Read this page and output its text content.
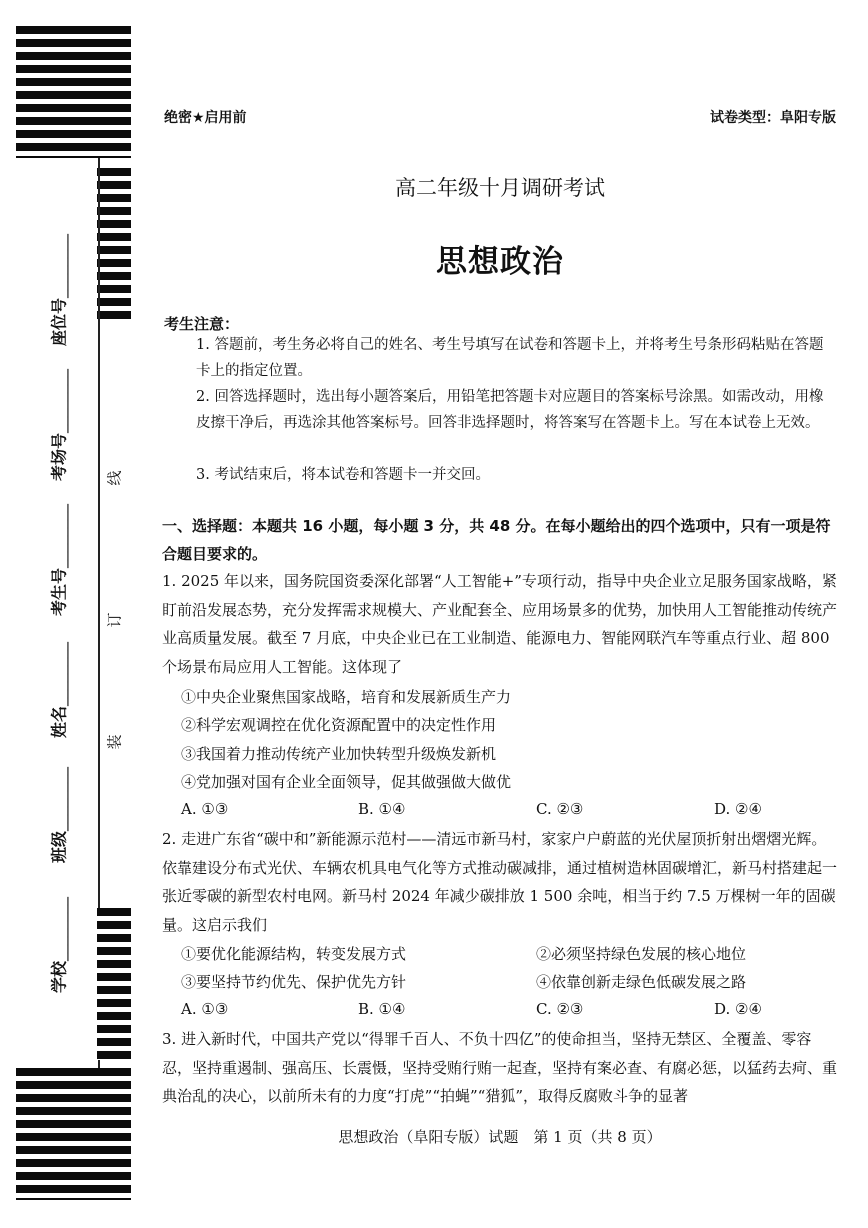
座位号________
考场号________
考生号________
姓名________
班级________
学校________
线
订
装
绝密★启用前	试卷类型：阜阳专版
高二年级十月调研考试
思想政治
考生注意：
1. 答题前，考生务必将自己的姓名、考生号填写在试卷和答题卡上，并将考生号条形码粘贴在答题卡上的指定位置。
2. 回答选择题时，选出每小题答案后，用铅笔把答题卡对应题目的答案标号涂黑。如需改动，用橡皮擦干净后，再选涂其他答案标号。回答非选择题时，将答案写在答题卡上。写在本试卷上无效。
3. 考试结束后，将本试卷和答题卡一并交回。
一、选择题：本题共 16 小题，每小题 3 分，共 48 分。在每小题给出的四个选项中，只有一项是符合题目要求的。
1. 2025 年以来，国务院国资委深化部署“人工智能+”专项行动，指导中央企业立足服务国家战略，紧盯前沿发展态势，充分发挥需求规模大、产业配套全、应用场景多的优势，加快用人工智能推动传统产业高质量发展。截至 7 月底，中央企业已在工业制造、能源电力、智能网联汽车等重点行业、超 800 个场景布局应用人工智能。这体现了
①中央企业聚焦国家战略，培育和发展新质生产力
②科学宏观调控在优化资源配置中的决定性作用
③我国着力推动传统产业加快转型升级焕发新机
④党加强对国有企业全面领导，促其做强做大做优
A. ①③	B. ①④	C. ②③	D. ②④
2. 走进广东省“碳中和”新能源示范村——清远市新马村，家家户户蔚蓝的光伏屋顶折射出熠熠光辉。依靠建设分布式光伏、车辆农机具电气化等方式推动碳减排，通过植树造林固碳增汇，新马村搭建起一张近零碳的新型农村电网。新马村 2024 年减少碳排放 1 500 余吨，相当于约 7.5 万棵树一年的固碳量。这启示我们
①要优化能源结构，转变发展方式	②必须坚持绿色发展的核心地位
③要坚持节约优先、保护优先方针	④依靠创新走绿色低碳发展之路
A. ①③	B. ①④	C. ②③	D. ②④
3. 进入新时代，中国共产党以“得罪千百人、不负十四亿”的使命担当，坚持无禁区、全覆盖、零容忍，坚持重遏制、强高压、长震慑，坚持受贿行贿一起查，坚持有案必查、有腐必惩，以猛药去疴、重典治乱的决心，以前所未有的力度“打虎”“拍蝇”“猎狐”，取得反腐败斗争的显著
思想政治（阜阳专版）试题　第 1 页（共 8 页）
